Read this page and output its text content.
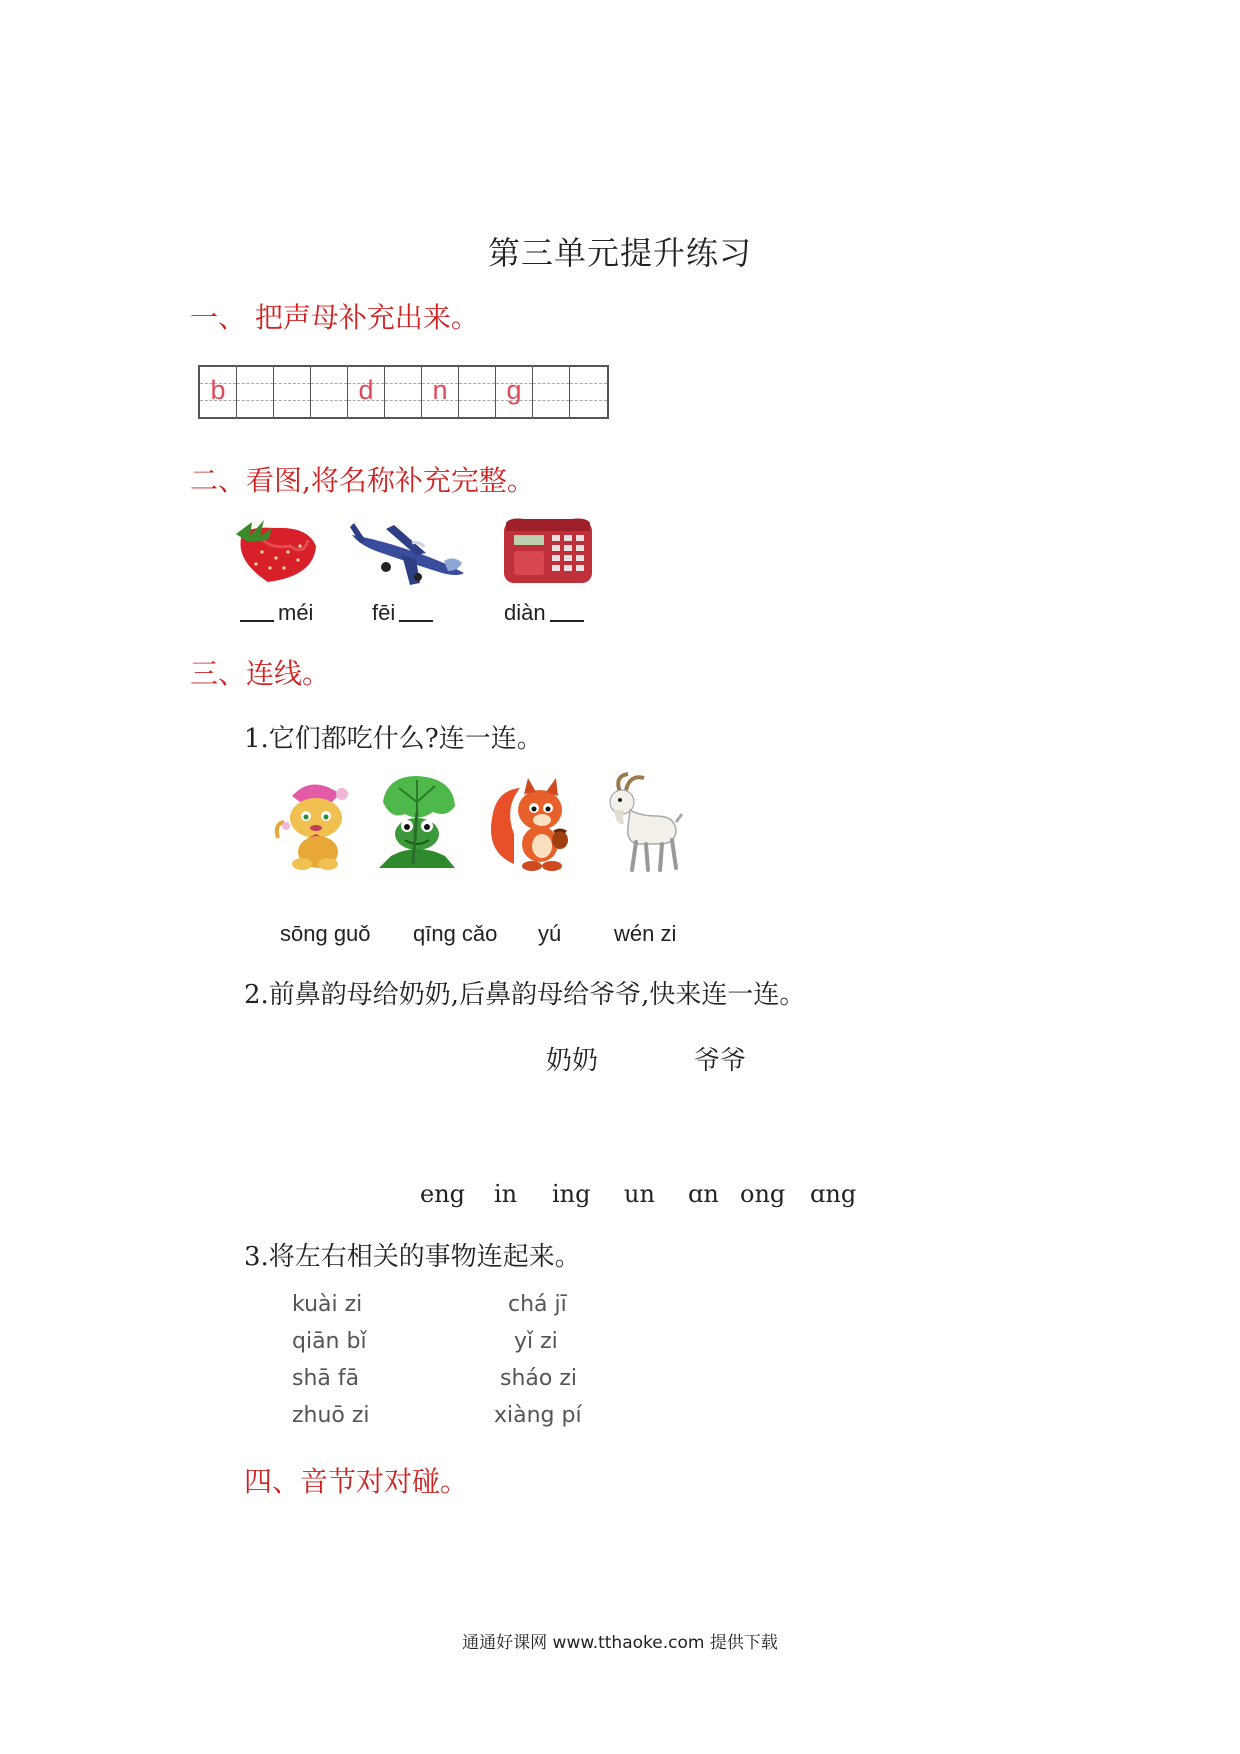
第三单元提升练习
一、 把声母补充出来。
b	d	n	g
二、看图,将名称补充完整。
méi	fēi	diàn
三、连线。
1.它们都吃什么?连一连。
sōng guǒ qīng cǎo yú wén zi
2.前鼻韵母给奶奶,后鼻韵母给爷爷,快来连一连。
奶奶	爷爷
eng in ing un ɑn ong ɑng
3.将左右相关的事物连起来。
kuài zi
qiān bǐ
shā fā
zhuō zi
chá jī
yǐ zi
sháo zi
xiàng pí
四、音节对对碰。
通通好课网 www.tthaoke.com 提供下载
